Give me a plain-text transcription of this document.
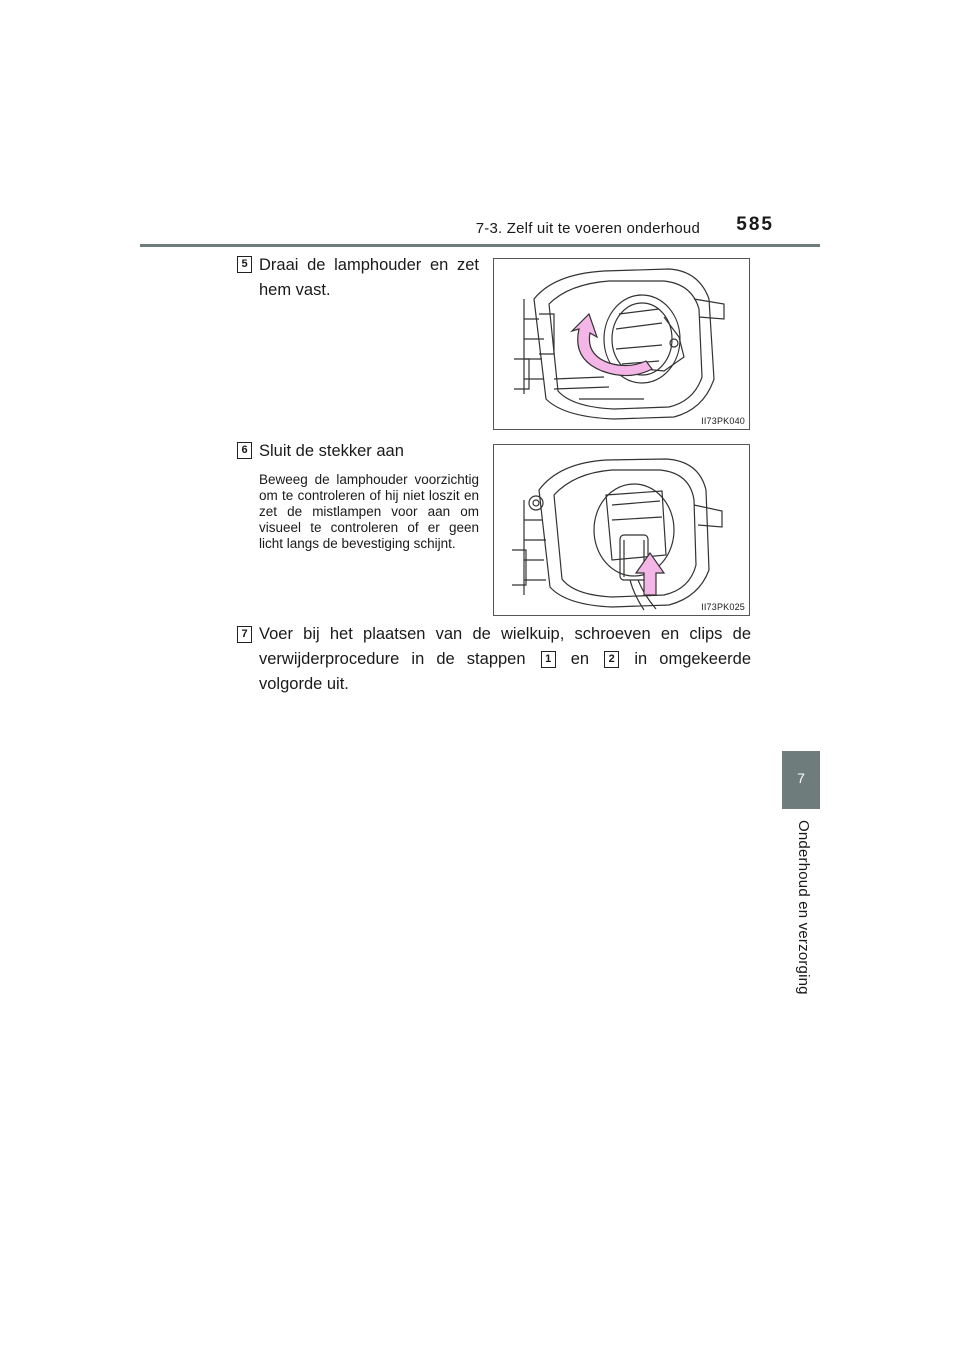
7-3. Zelf uit te voeren onderhoud	585
7
Onderhoud en verzorging
5 Draai de lamphouder en zet hem vast.
II73PK040
6 Sluit de stekker aan
Beweeg de lamphouder voorzichtig om te controleren of hij niet loszit en zet de mistlampen voor aan om visueel te controleren of er geen licht langs de bevestiging schijnt.
II73PK025
7 Voer bij het plaatsen van de wielkuip, schroeven en clips de verwijderprocedure in de stappen 1 en 2 in omgekeerde volgorde uit.
